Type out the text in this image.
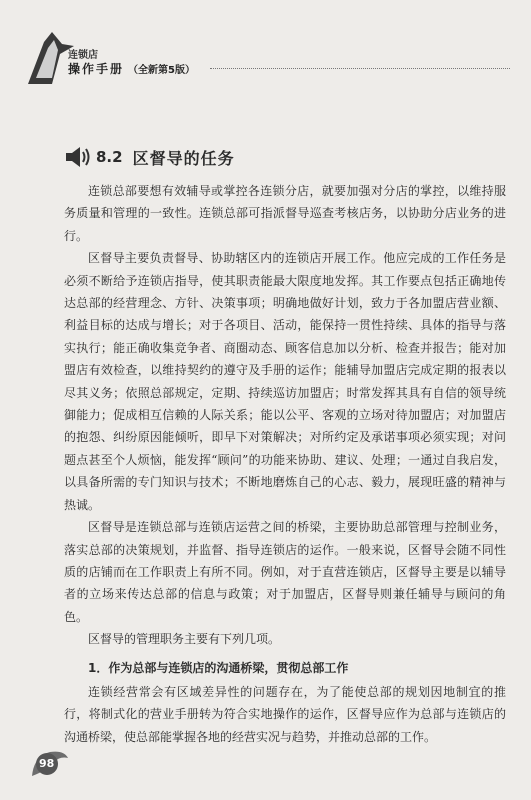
连锁店
操作手册 （全新第5版）
8.2 区督导的任务

连锁总部要想有效辅导或掌控各连锁分店，就要加强对分店的掌控，以维持服务质量和管理的一致性。连锁总部可指派督导巡查考核店务，以协助分店业务的进行。

区督导主要负责督导、协助辖区内的连锁店开展工作。他应完成的工作任务是必须不断给予连锁店指导，使其职责能最大限度地发挥。其工作要点包括正确地传达总部的经营理念、方针、决策事项；明确地做好计划，致力于各加盟店营业额、利益目标的达成与增长；对于各项目、活动，能保持一贯性持续、具体的指导与落实执行；能正确收集竞争者、商圈动态、顾客信息加以分析、检查并报告；能对加盟店有效检查，以维持契约的遵守及手册的运作；能辅导加盟店完成定期的报表以尽其义务；依照总部规定，定期、持续巡访加盟店；时常发挥其具有自信的领导统御能力；促成相互信赖的人际关系；能以公平、客观的立场对待加盟店；对加盟店的抱怨、纠纷原因能倾听，即早下对策解决；对所约定及承诺事项必须实现；对问题点甚至个人烦恼，能发挥“顾问”的功能来协助、建议、处理；一通过自我启发，以具备所需的专门知识与技术；不断地磨炼自己的心志、毅力，展现旺盛的精神与热诚。

区督导是连锁总部与连锁店运营之间的桥梁，主要协助总部管理与控制业务，落实总部的决策规划，并监督、指导连锁店的运作。一般来说，区督导会随不同性质的店铺而在工作职责上有所不同。例如，对于直营连锁店，区督导主要是以辅导者的立场来传达总部的信息与政策；对于加盟店，区督导则兼任辅导与顾问的角色。

区督导的管理职务主要有下列几项。

1．作为总部与连锁店的沟通桥梁，贯彻总部工作

连锁经营常会有区域差异性的问题存在，为了能使总部的规划因地制宜的推行，将制式化的营业手册转为符合实地操作的运作，区督导应作为总部与连锁店的沟通桥梁，使总部能掌握各地的经营实况与趋势，并推动总部的工作。

98
